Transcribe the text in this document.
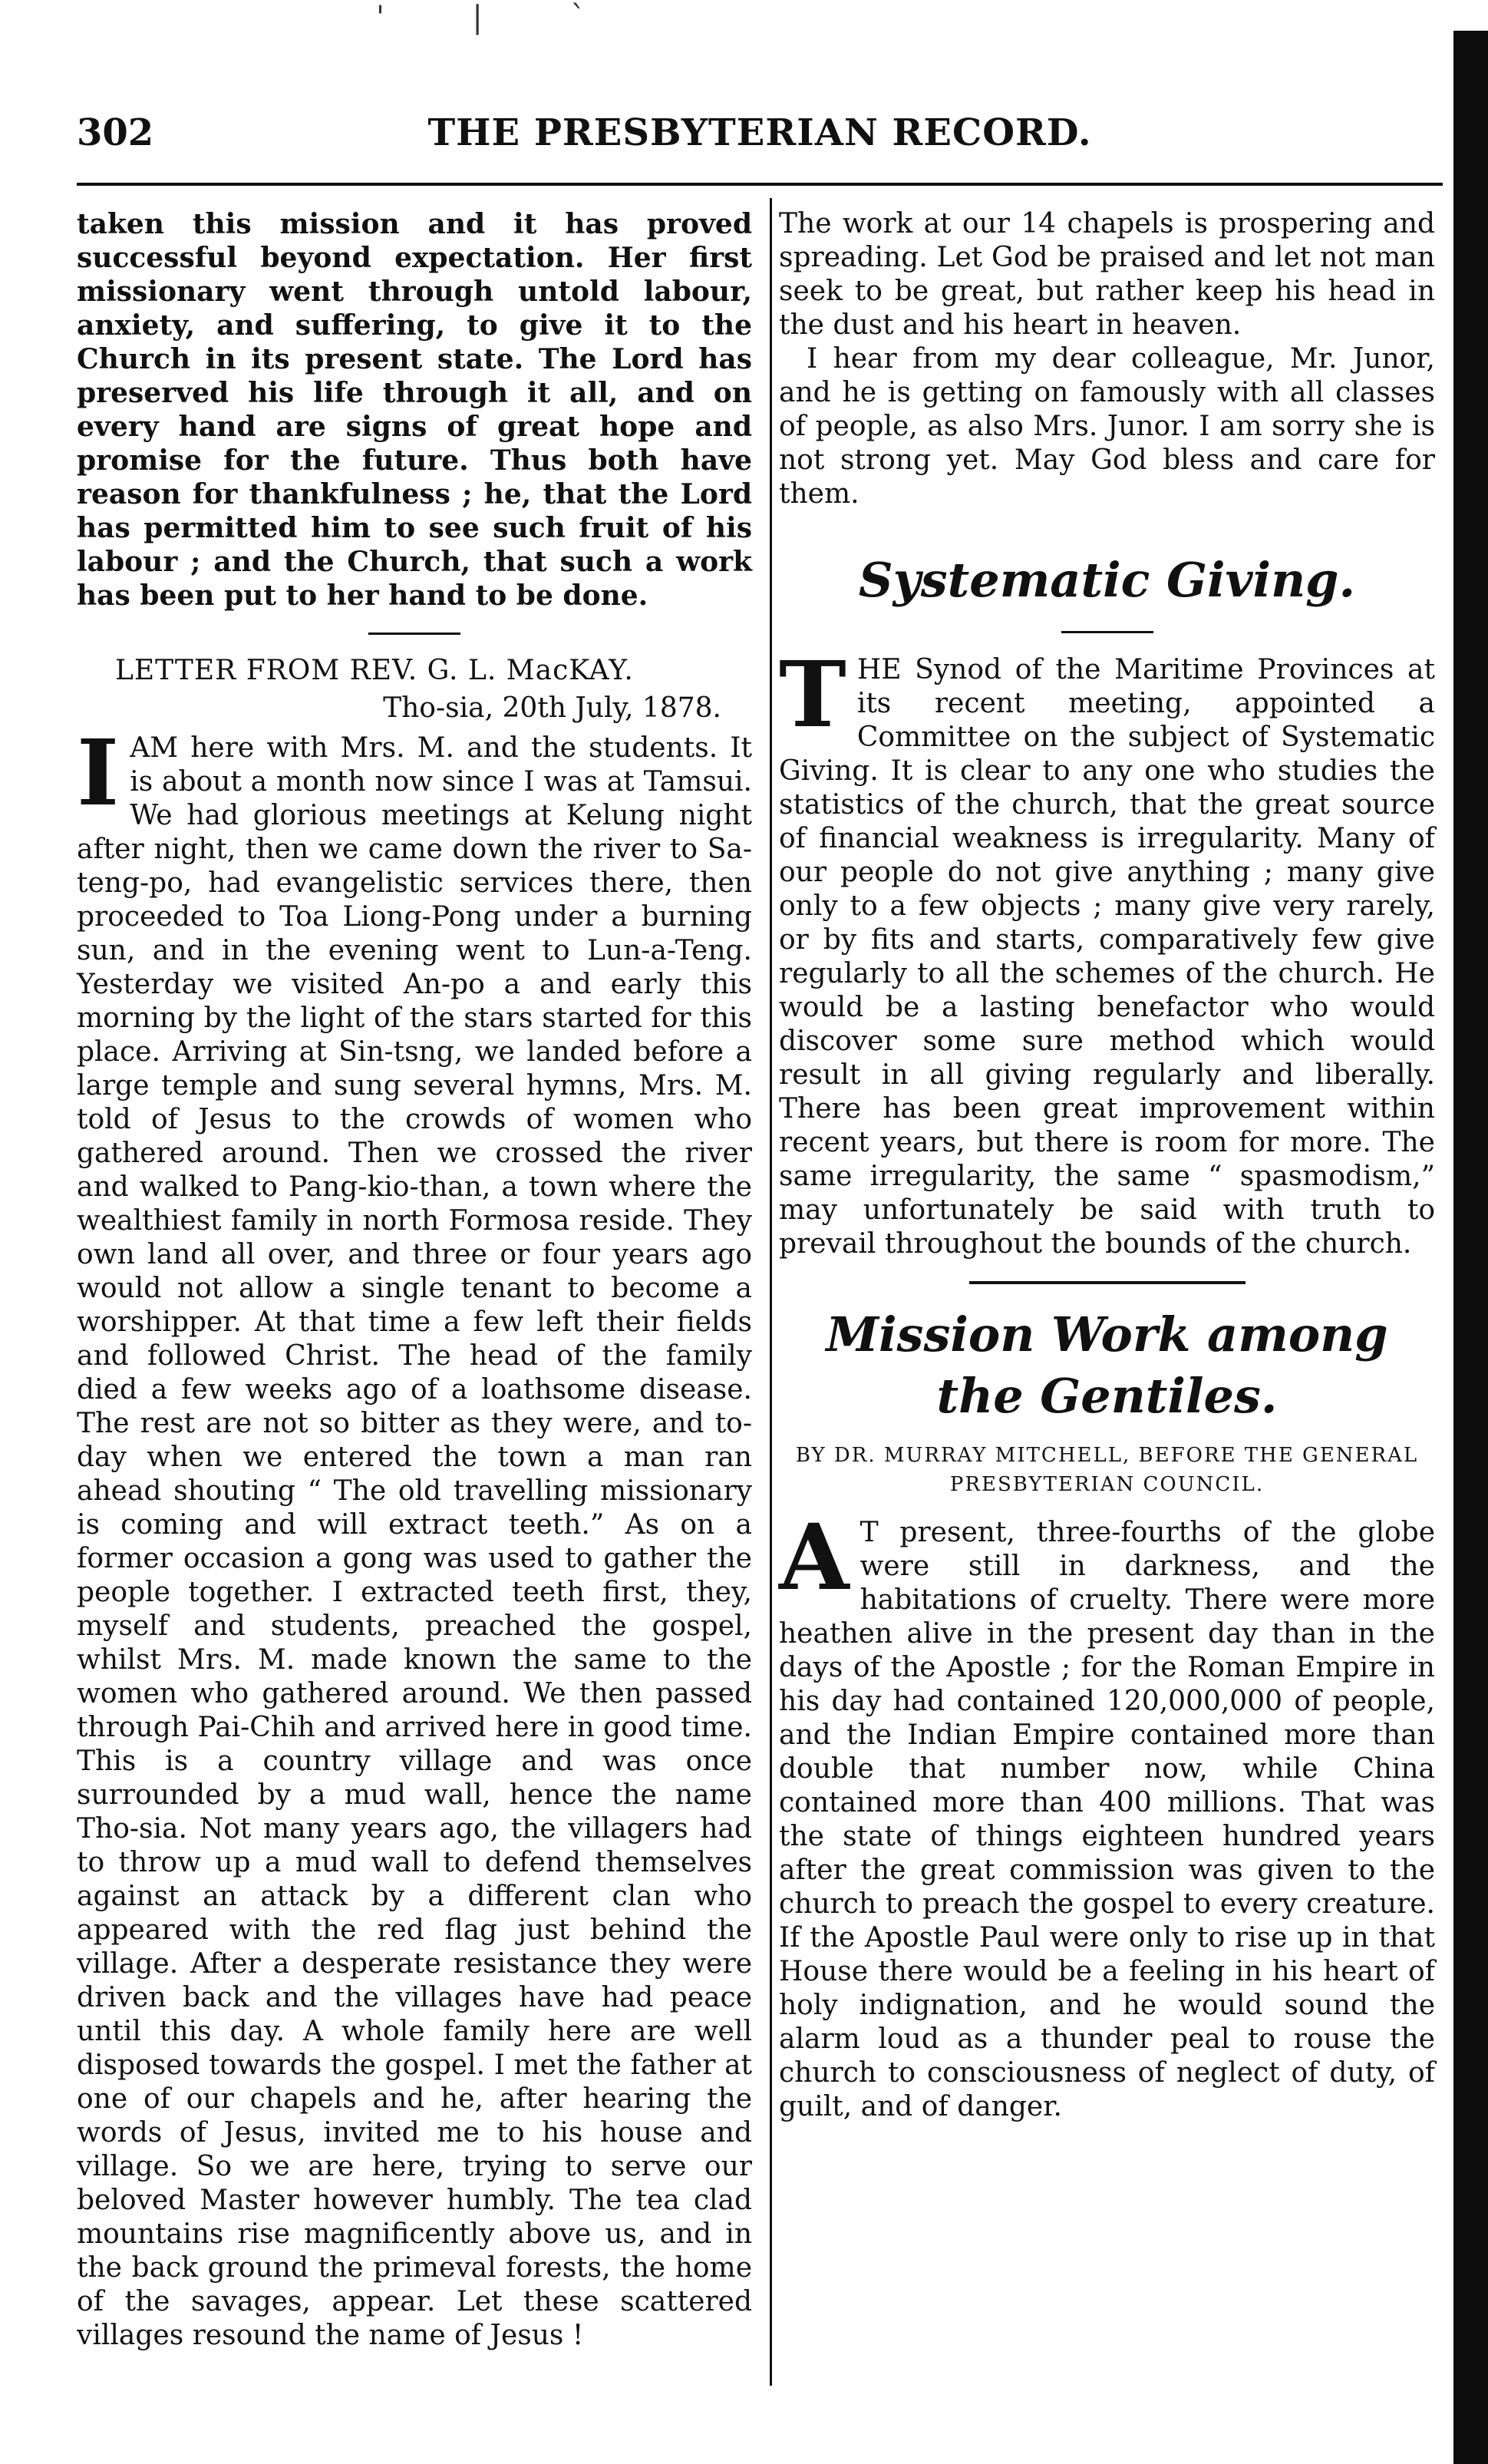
'         |         ˋ
302	THE PRESBYTERIAN RECORD.

taken this mission and it has proved successful beyond expectation. Her first missionary went through untold labour, anxiety, and suffering, to give it to the Church in its present state. The Lord has preserved his life through it all, and on every hand are signs of great hope and promise for the future. Thus both have reason for thankfulness ; he, that the Lord has permitted him to see such fruit of his labour ; and the Church, that such a work has been put to her hand to be done.

LETTER FROM REV. G. L. MacKAY.
Tho-sia, 20th July, 1878.

IAM here with Mrs. M. and the students. It is about a month now since I was at Tamsui. We had glorious meetings at Kelung night after night, then we came down the river to Sa-teng-po, had evangelistic services there, then proceeded to Toa Liong-Pong under a burning sun, and in the evening went to Lun-a-Teng. Yesterday we visited An-po a and early this morning by the light of the stars started for this place. Arriving at Sin-tsng, we landed before a large temple and sung several hymns, Mrs. M. told of Jesus to the crowds of women who gathered around. Then we crossed the river and walked to Pang-kio-than, a town where the wealthiest family in north Formosa reside. They own land all over, and three or four years ago would not allow a single tenant to become a worshipper. At that time a few left their fields and followed Christ. The head of the family died a few weeks ago of a loathsome disease. The rest are not so bitter as they were, and to-day when we entered the town a man ran ahead shouting “ The old travelling missionary is coming and will extract teeth.” As on a former occasion a gong was used to gather the people together. I extracted teeth first, they, myself and students, preached the gospel, whilst Mrs. M. made known the same to the women who gathered around. We then passed through Pai-Chih and arrived here in good time. This is a country village and was once surrounded by a mud wall, hence the name Tho-sia. Not many years ago, the villagers had to throw up a mud wall to defend themselves against an attack by a different clan who appeared with the red flag just behind the village. After a desperate resistance they were driven back and the villages have had peace until this day. A whole family here are well disposed towards the gospel. I met the father at one of our chapels and he, after hearing the words of Jesus, invited me to his house and village. So we are here, trying to serve our beloved Master however humbly. The tea clad mountains rise magnificently above us, and in the back ground the primeval forests, the home of the savages, appear. Let these scattered villages resound the name of Jesus !

The work at our 14 chapels is prospering and spreading. Let God be praised and let not man seek to be great, but rather keep his head in the dust and his heart in heaven.

I hear from my dear colleague, Mr. Junor, and he is getting on famously with all classes of people, as also Mrs. Junor. I am sorry she is not strong yet. May God bless and care for them.

Systematic Giving.

THE Synod of the Maritime Provinces at its recent meeting, appointed a Committee on the subject of Systematic Giving. It is clear to any one who studies the statistics of the church, that the great source of financial weakness is irregularity. Many of our people do not give anything ; many give only to a few objects ; many give very rarely, or by fits and starts, comparatively few give regularly to all the schemes of the church. He would be a lasting benefactor who would discover some sure method which would result in all giving regularly and liberally. There has been great improvement within recent years, but there is room for more. The same irregularity, the same “ spasmodism,” may unfortunately be said with truth to prevail throughout the bounds of the church.

Mission Work among the Gentiles.
BY DR. MURRAY MITCHELL, BEFORE THE GENERAL PRESBYTERIAN COUNCIL.

A T present, three-fourths of the globe were still in darkness, and the habitations of cruelty. There were more heathen alive in the present day than in the days of the Apostle ; for the Roman Empire in his day had contained 120,000,000 of people, and the Indian Empire contained more than double that number now, while China contained more than 400 millions. That was the state of things eighteen hundred years after the great commission was given to the church to preach the gospel to every creature. If the Apostle Paul were only to rise up in that House there would be a feeling in his heart of holy indignation, and he would sound the alarm loud as a thunder peal to rouse the church to consciousness of neglect of duty, of guilt, and of danger.
